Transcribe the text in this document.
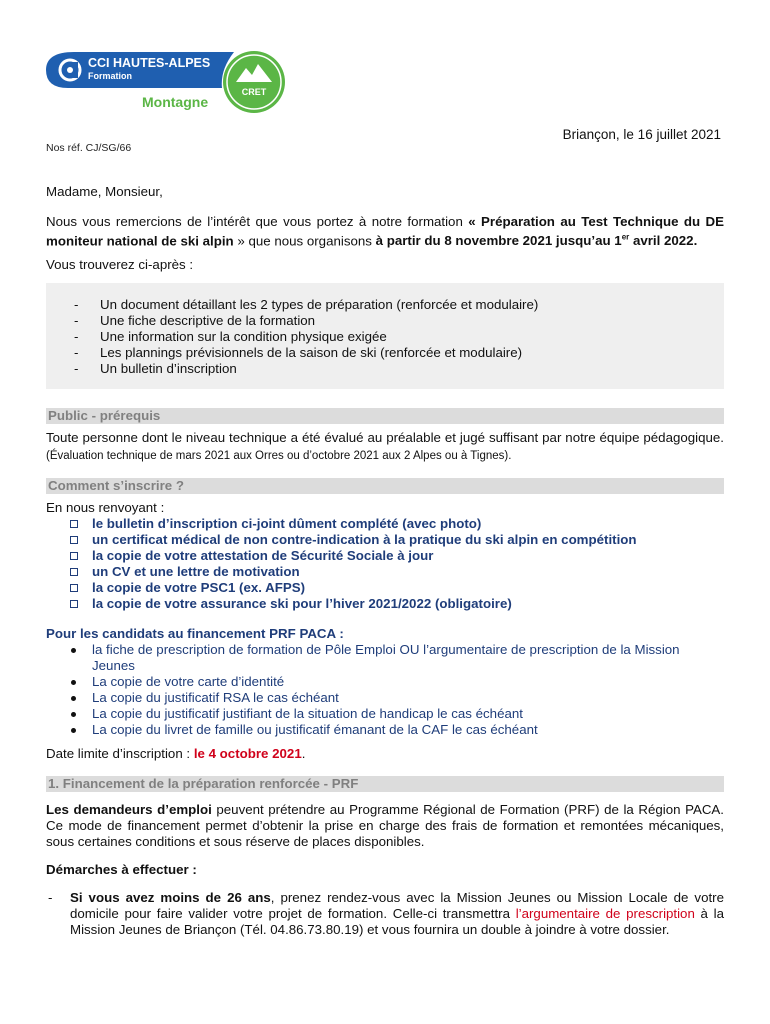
CCI HAUTES-ALPES
Formation
Montagne
CRET
Briançon, le 16 juillet 2021
Nos réf. CJ/SG/66

Madame, Monsieur,

Nous vous remercions de l’intérêt que vous portez à notre formation « Préparation au Test Technique du DE moniteur national de ski alpin » que nous organisons à partir du 8 novembre 2021 jusqu’au 1er avril 2022.

Vous trouverez ci-après :

- Un document détaillant les 2 types de préparation (renforcée et modulaire)
- Une fiche descriptive de la formation
- Une information sur la condition physique exigée
- Les plannings prévisionnels de la saison de ski (renforcée et modulaire)
- Un bulletin d’inscription
Public - prérequis

Toute personne dont le niveau technique a été évalué au préalable et jugé suffisant par notre équipe pédagogique. (Évaluation technique de mars 2021 aux Orres ou d’octobre 2021 aux 2 Alpes ou à Tignes).

Comment s’inscrire ?

En nous renvoyant :

le bulletin d’inscription ci-joint dûment complété (avec photo)
un certificat médical de non contre-indication à la pratique du ski alpin en compétition
la copie de votre attestation de Sécurité Sociale à jour
un CV et une lettre de motivation
la copie de votre PSC1 (ex. AFPS)
la copie de votre assurance ski pour l’hiver 2021/2022 (obligatoire)

Pour les candidats au financement PRF PACA :

la fiche de prescription de formation de Pôle Emploi OU l’argumentaire de prescription de la Mission Jeunes
La copie de votre carte d’identité
La copie du justificatif RSA le cas échéant
La copie du justificatif justifiant de la situation de handicap le cas échéant
La copie du livret de famille ou justificatif émanant de la CAF le cas échéant

Date limite d’inscription : le 4 octobre 2021.

1. Financement de la préparation renforcée - PRF

Les demandeurs d’emploi peuvent prétendre au Programme Régional de Formation (PRF) de la Région PACA. Ce mode de financement permet d’obtenir la prise en charge des frais de formation et remontées mécaniques, sous certaines conditions et sous réserve de places disponibles.

Démarches à effectuer :

- Si vous avez moins de 26 ans, prenez rendez-vous avec la Mission Jeunes ou Mission Locale de votre domicile pour faire valider votre projet de formation. Celle-ci transmettra l’argumentaire de prescription à la Mission Jeunes de Briançon (Tél. 04.86.73.80.19) et vous fournira un double à joindre à votre dossier.
